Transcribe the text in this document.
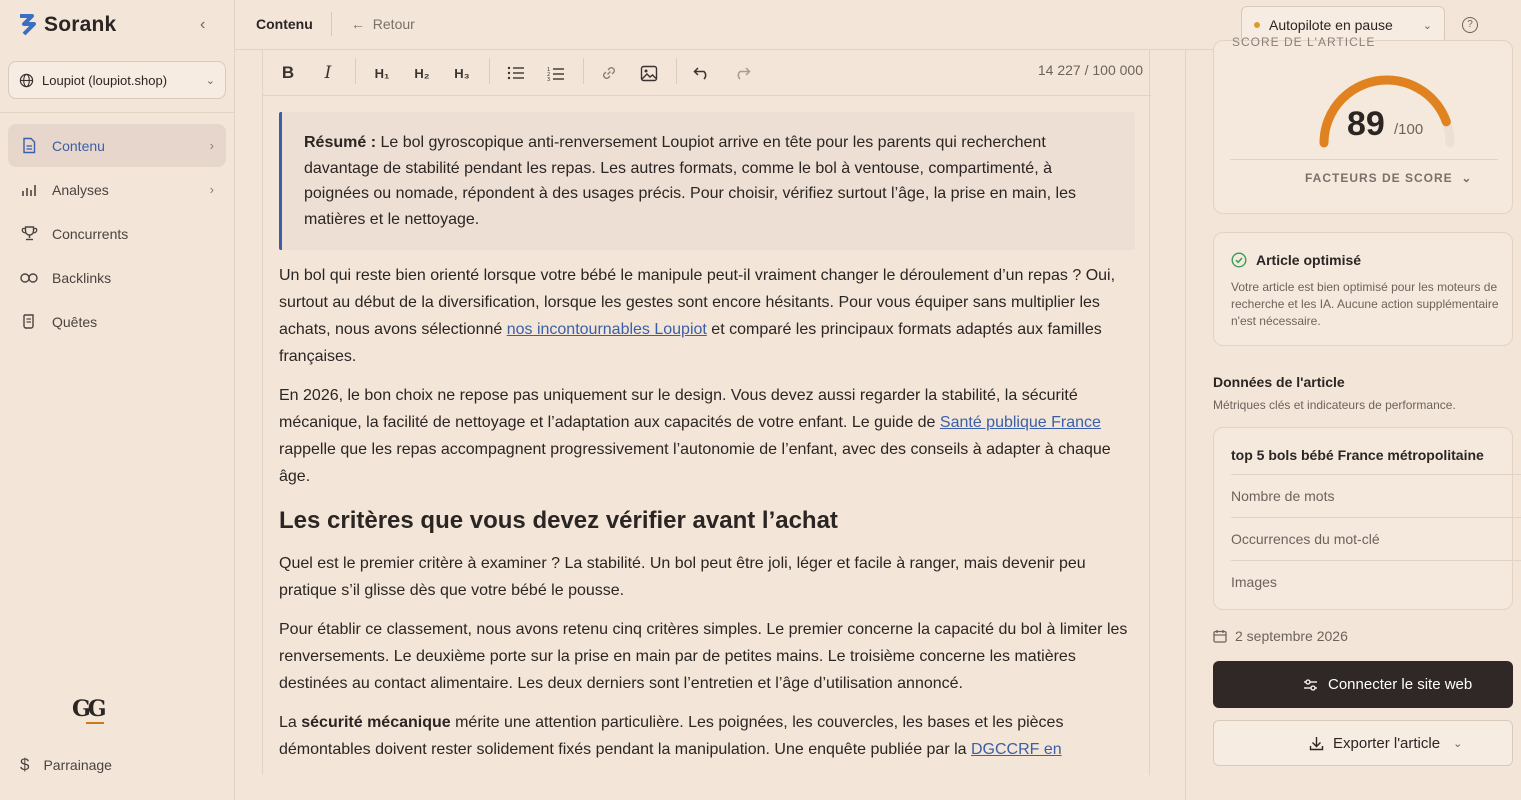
Sorank	‹
Loupiot (loupiot.shop)	⌄
Contenu	›
Analyses	›
Concurrents
Backlinks
Quêtes
GG
$ Parrainage
Contenu	← Retour	Autopilote en pause	⌄	?
B	I	H₁	H₂	H₃	1
2
3
14 227 / 100 000
Résumé : Le bol gyroscopique anti-renversement Loupiot arrive en tête pour les parents qui recherchent davantage de stabilité pendant les repas. Les autres formats, comme le bol à ventouse, compartimenté, à poignées ou nomade, répondent à des usages précis. Pour choisir, vérifiez surtout l’âge, la prise en main, les matières et le nettoyage.

Un bol qui reste bien orienté lorsque votre bébé le manipule peut-il vraiment changer le déroulement d’un repas ? Oui, surtout au début de la diversification, lorsque les gestes sont encore hésitants. Pour vous équiper sans multiplier les achats, nous avons sélectionné nos incontournables Loupiot et comparé les principaux formats adaptés aux familles françaises.

En 2026, le bon choix ne repose pas uniquement sur le design. Vous devez aussi regarder la stabilité, la sécurité mécanique, la facilité de nettoyage et l’adaptation aux capacités de votre enfant. Le guide de Santé publique France rappelle que les repas accompagnent progressivement l’autonomie de l’enfant, avec des conseils à adapter à chaque âge.

Les critères que vous devez vérifier avant l’achat

Quel est le premier critère à examiner ? La stabilité. Un bol peut être joli, léger et facile à ranger, mais devenir peu pratique s’il glisse dès que votre bébé le pousse.

Pour établir ce classement, nous avons retenu cinq critères simples. Le premier concerne la capacité du bol à limiter les renversements. Le deuxième porte sur la prise en main par de petites mains. Le troisième concerne les matières destinées au contact alimentaire. Les deux derniers sont l’entretien et l’âge d’utilisation annoncé.

La sécurité mécanique mérite une attention particulière. Les poignées, les couvercles, les bases et les pièces démontables doivent rester solidement fixés pendant la manipulation. Une enquête publiée par la DGCCRF en

SCORE DE L'ARTICLE
89 /100
FACTEURS DE SCORE ⌄
Article optimisé

Votre article est bien optimisé pour les moteurs de recherche et les IA. Aucune action supplémentaire n'est nécessaire.

Données de l'article
Métriques clés et indicateurs de performance.
top 5 bols bébé France métropolitaine
Nombre de mots
Occurrences du mot-clé
Images
2 septembre 2026
Connecter le site web
Exporter l'article ⌄
